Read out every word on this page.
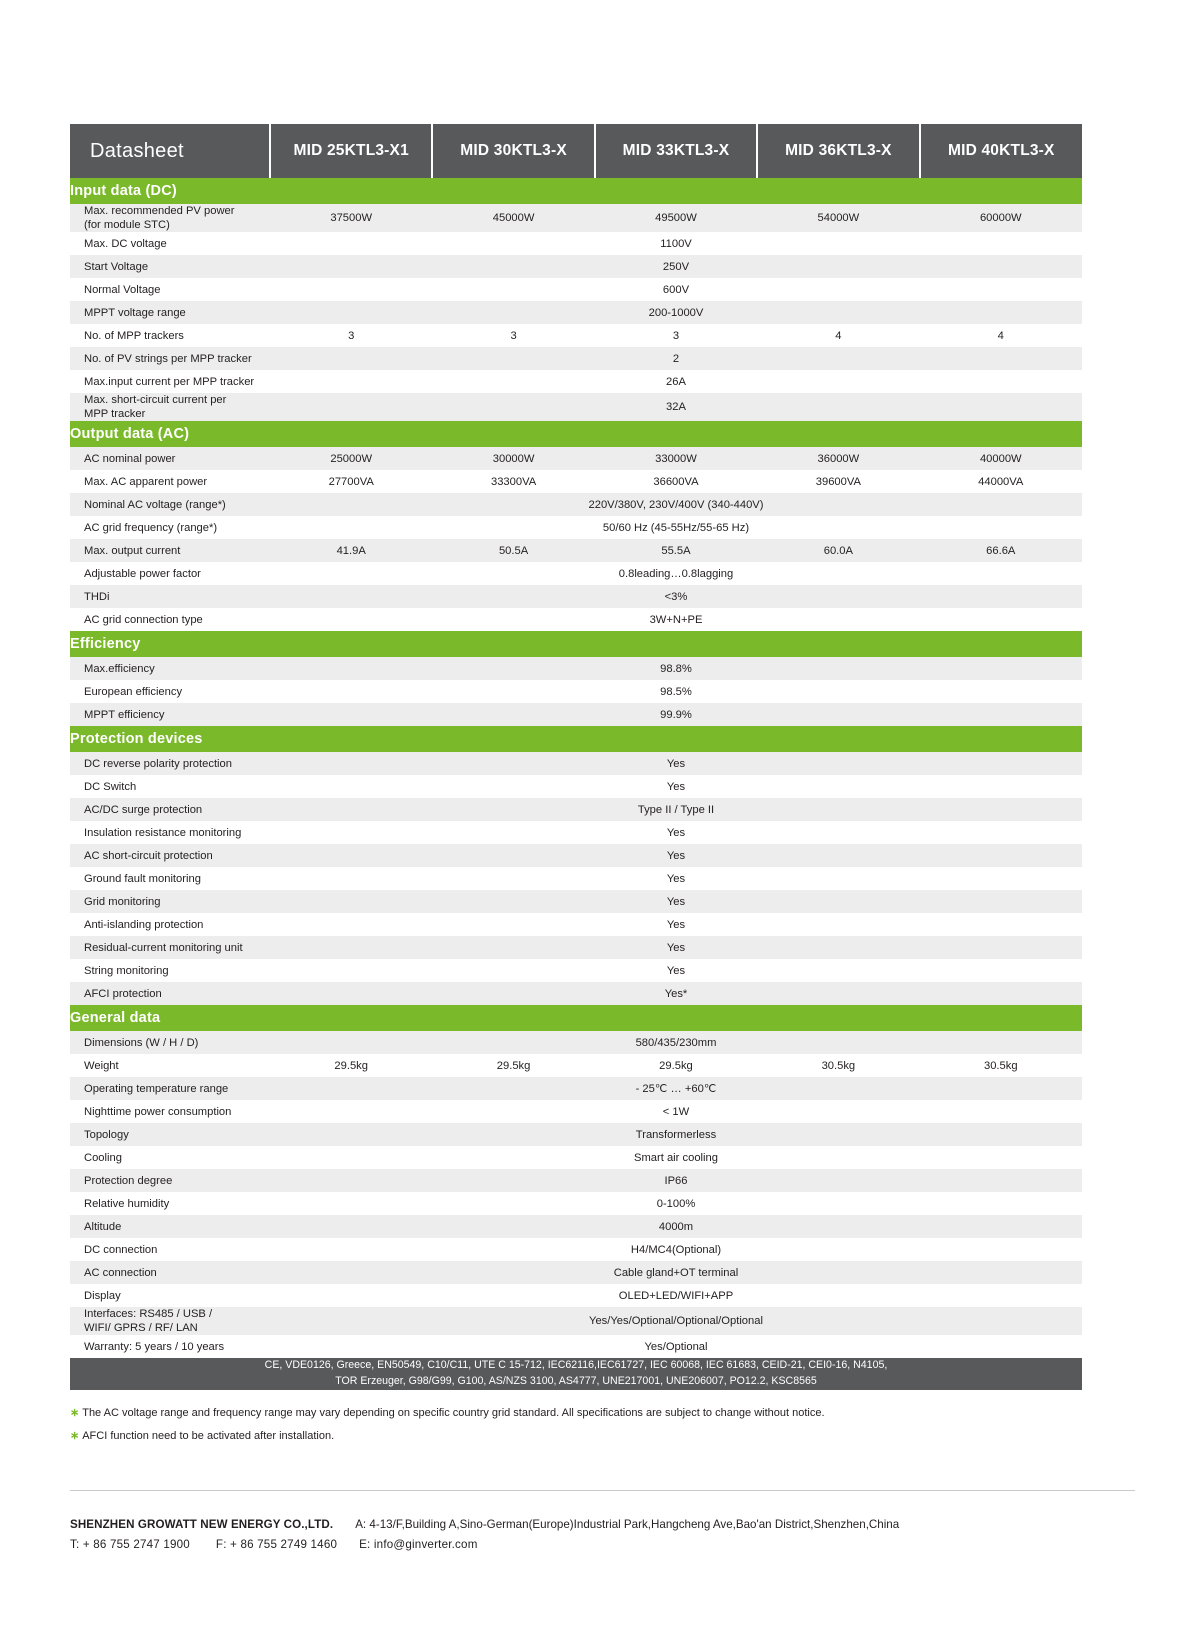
Datasheet	MID 25KTL3-X1	MID 30KTL3-X	MID 33KTL3-X	MID 36KTL3-X	MID 40KTL3-X
Input data (DC)					
Max. recommended PV power
(for module STC)	37500W	45000W	49500W	54000W	60000W
Max. DC voltage	1100V				
Start Voltage	250V				
Normal Voltage	600V				
MPPT voltage range	200-1000V				
No. of MPP trackers	3	3	3	4	4
No. of PV strings per MPP tracker	2				
Max.input current per MPP tracker	26A				
Max. short-circuit current per
MPP tracker	32A				
Output data (AC)					
AC nominal power	25000W	30000W	33000W	36000W	40000W
Max. AC apparent power	27700VA	33300VA	36600VA	39600VA	44000VA
Nominal AC voltage (range*)	220V/380V, 230V/400V (340-440V)				
AC grid frequency (range*)	50/60 Hz (45-55Hz/55-65 Hz)				
Max. output current	41.9A	50.5A	55.5A	60.0A	66.6A
Adjustable power factor	0.8leading…0.8lagging				
THDi	<3%				
AC grid connection type	3W+N+PE				
Efficiency					
Max.efficiency	98.8%				
European efficiency	98.5%				
MPPT efficiency	99.9%				
Protection devices					
DC reverse polarity protection	Yes				
DC Switch	Yes				
AC/DC surge protection	Type II / Type II				
Insulation resistance monitoring	Yes				
AC short-circuit protection	Yes				
Ground fault monitoring	Yes				
Grid monitoring	Yes				
Anti-islanding protection	Yes				
Residual-current monitoring unit	Yes				
String monitoring	Yes				
AFCI protection	Yes*				
General data					
Dimensions (W / H / D)	580/435/230mm				
Weight	29.5kg	29.5kg	29.5kg	30.5kg	30.5kg
Operating temperature range	- 25℃ … +60℃				
Nighttime power consumption	< 1W				
Topology	Transformerless				
Cooling	Smart air cooling				
Protection degree	IP66				
Relative humidity	0-100%				
Altitude	4000m				
DC connection	H4/MC4(Optional)				
AC connection	Cable gland+OT terminal				
Display	OLED+LED/WIFI+APP				
Interfaces: RS485 / USB /
WIFI/ GPRS / RF/ LAN	Yes/Yes/Optional/Optional/Optional				
Warranty: 5 years / 10 years	Yes/Optional				

CE, VDE0126, Greece, EN50549, C10/C11, UTE C 15-712, IEC62116,IEC61727, IEC 60068, IEC 61683, CEID-21, CEI0-16, N4105,
TOR Erzeuger, G98/G99, G100, AS/NZS 3100, AS4777, UNE217001, UNE206007, PO12.2, KSC8565					

∗ The AC voltage range and frequency range may vary depending on specific country grid standard. All specifications are subject to change without notice.

∗ AFCI function need to be activated after installation.

SHENZHEN GROWATT NEW ENERGY CO.,LTD. A: 4-13/F,Building A,Sino-German(Europe)Industrial Park,Hangcheng Ave,Bao'an District,Shenzhen,China
T: + 86 755 2747 1900 F: + 86 755 2749 1460 E: info@ginverter.com
